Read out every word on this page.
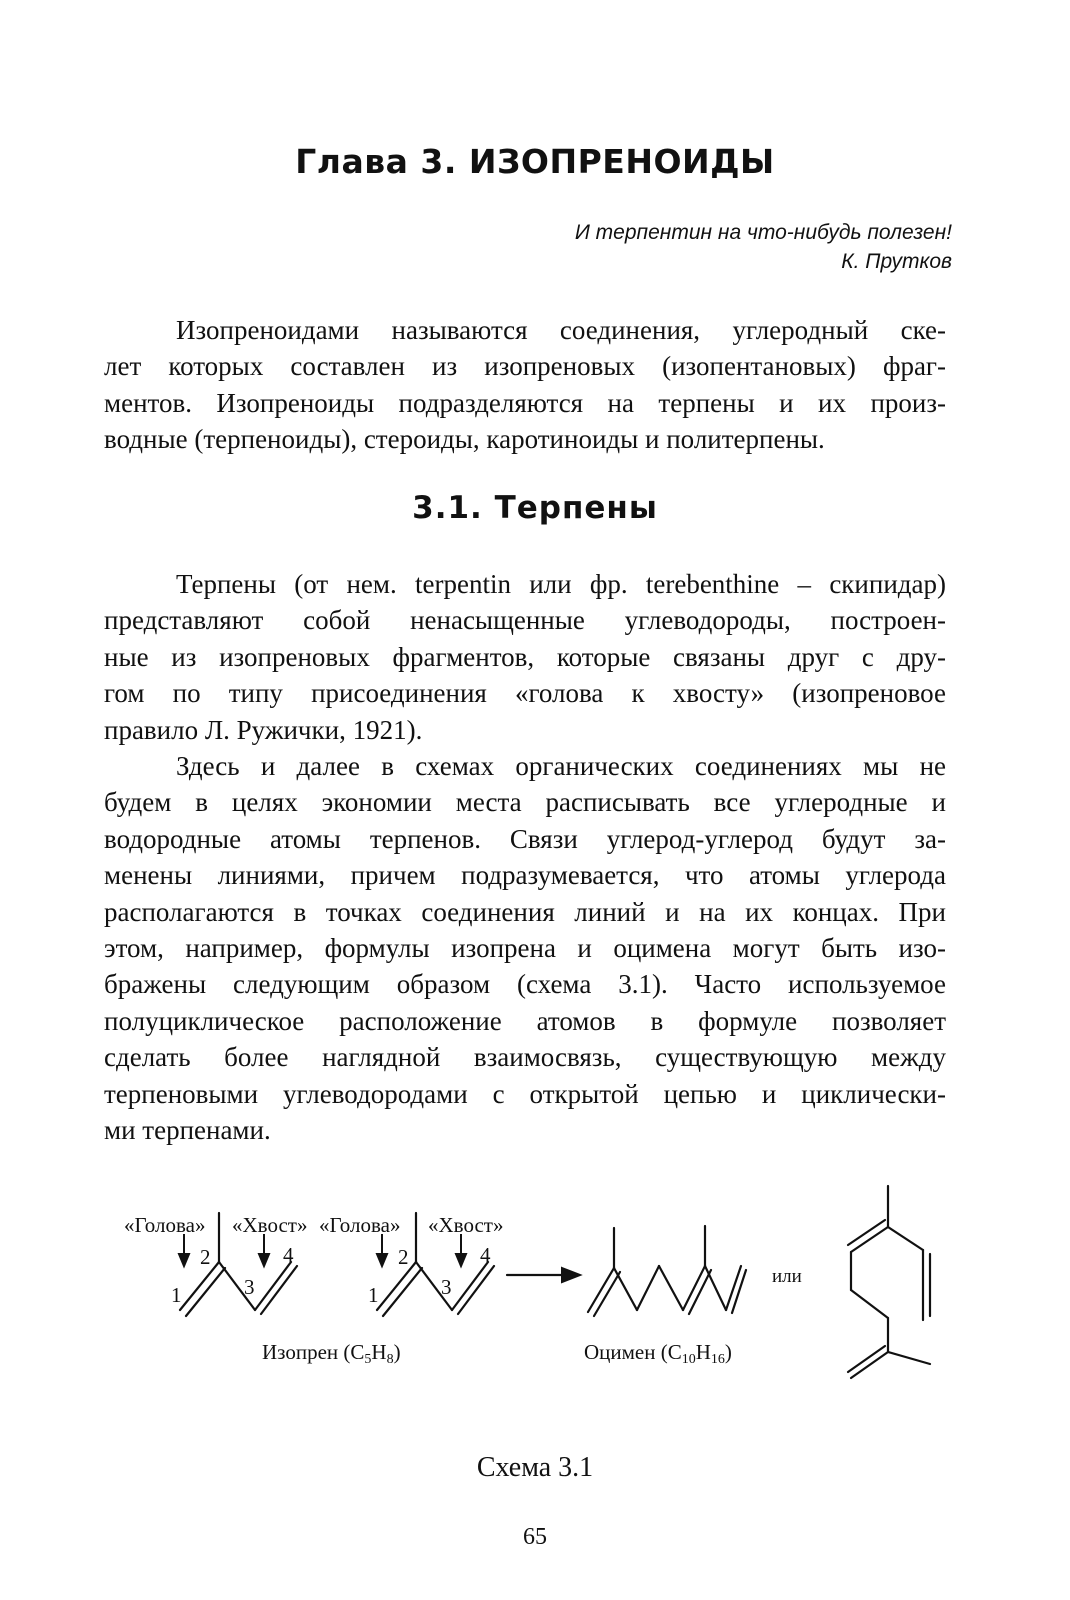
Глава 3. ИЗОПРЕНОИДЫ
И терпентин на что-нибудь полезен!
К. Прутков
Изопреноидами называются соединения, углеродный ске-
лет которых составлен из изопреновых (изопентановых) фраг-
ментов. Изопреноиды подразделяются на терпены и их произ-
водные (терпеноиды), стероиды, каротиноиды и политерпены.
3.1. Терпены
Терпены (от нем. terpentin или фр. terebenthine – скипидар)
представляют собой ненасыщенные углеводороды, построен-
ные из изопреновых фрагментов, которые связаны друг с дру-
гом по типу присоединения «голова к хвосту» (изопреновое
правило Л. Ружички, 1921).
Здесь и далее в схемах органических соединениях мы не
будем в целях экономии места расписывать все углеродные и
водородные атомы терпенов. Связи углерод-углерод будут за-
менены линиями, причем подразумевается, что атомы углерода
располагаются в точках соединения линий и на их концах. При
этом, например, формулы изопрена и оцимена могут быть изо-
бражены следующим образом (схема 3.1). Часто используемое
полуциклическое расположение атомов в формуле позволяет
сделать более наглядной взаимосвязь, существующую между
терпеновыми углеводородами с открытой цепью и циклически-
ми терпенами.
«Голова» «Хвост» «Голова» «Хвост»
2
1	3
4	2
1	3
4
или
Изопрен $(C_5H_8)$	Оцимен $(C_{10}H_{16})$
Схема 3.1
65
